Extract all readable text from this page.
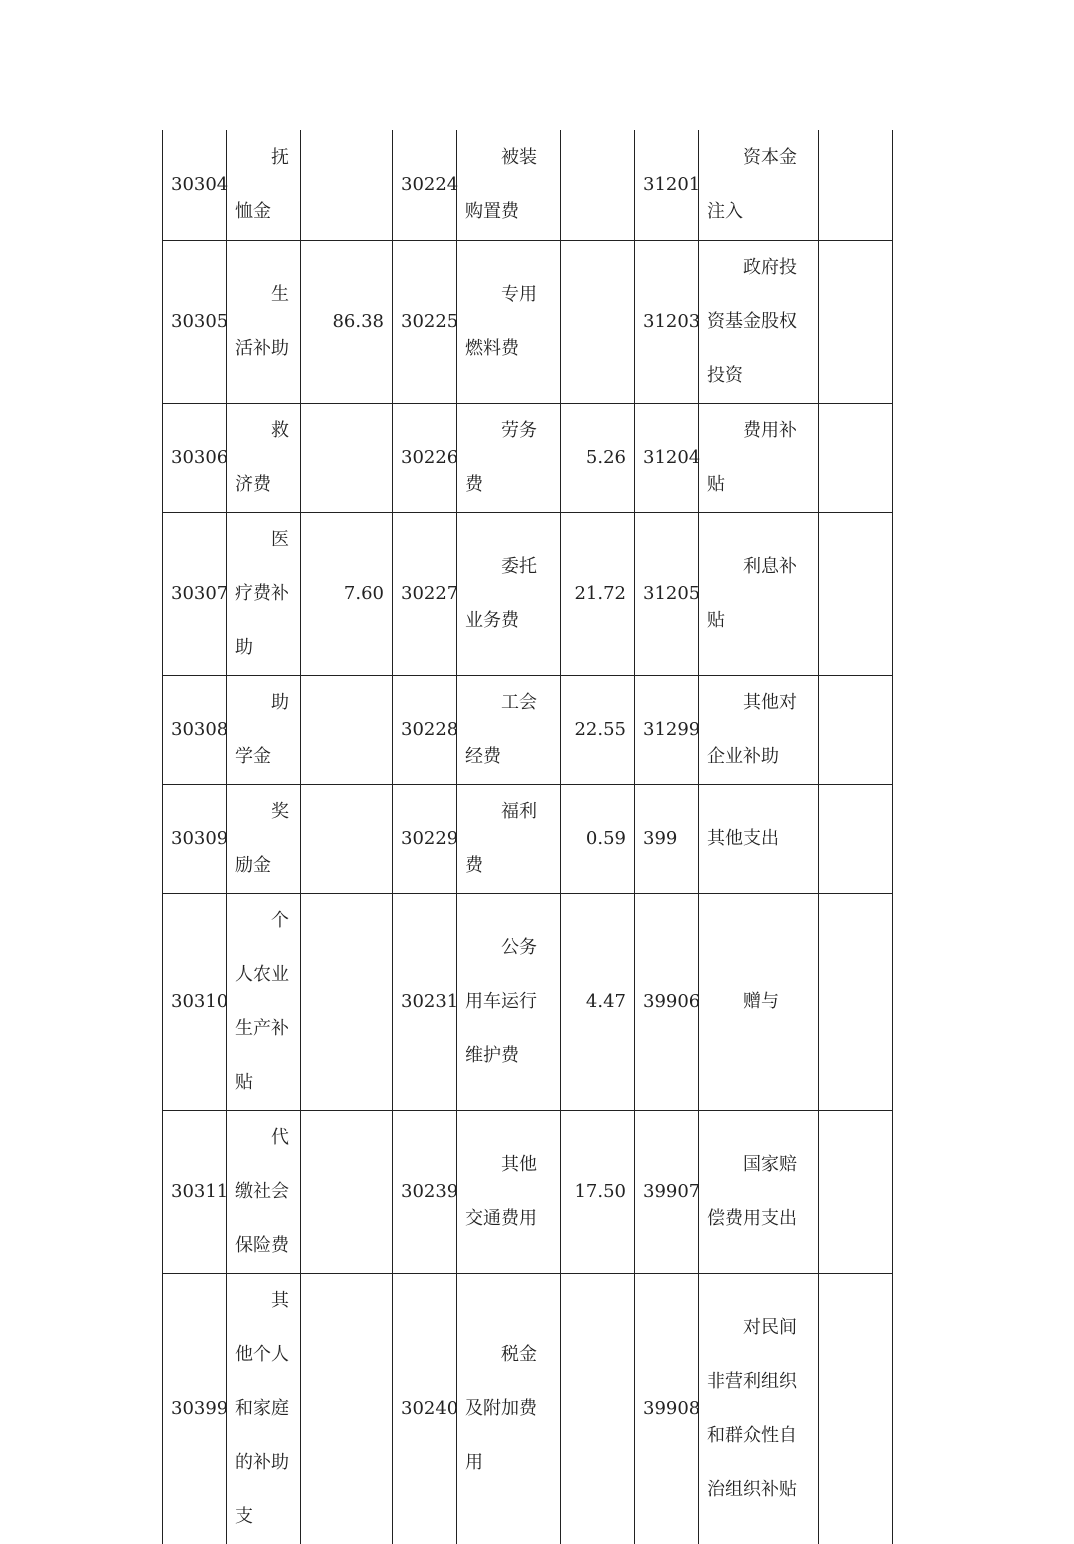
30304	抚恤金		30224	被装购置费		31201	资本金注入	
30305	生活补助	86.38	30225	专用燃料费		31203	政府投资基金股权投资	
30306	救济费		30226	劳务费	5.26	31204	费用补贴	
30307	医疗费补助	7.60	30227	委托业务费	21.72	31205	利息补贴	
30308	助学金		30228	工会经费	22.55	31299	其他对企业补助	
30309	奖励金		30229	福利费	0.59	399	其他支出	
30310	个人农业生产补贴		30231	公务用车运行维护费	4.47	39906	赠与	
30311	代缴社会保险费		30239	其他交通费用	17.50	39907	国家赔偿费用支出	
30399	其他个人和家庭的补助支		30240	税金及附加费用		39908	对民间非营利组织和群众性自治组织补贴	
